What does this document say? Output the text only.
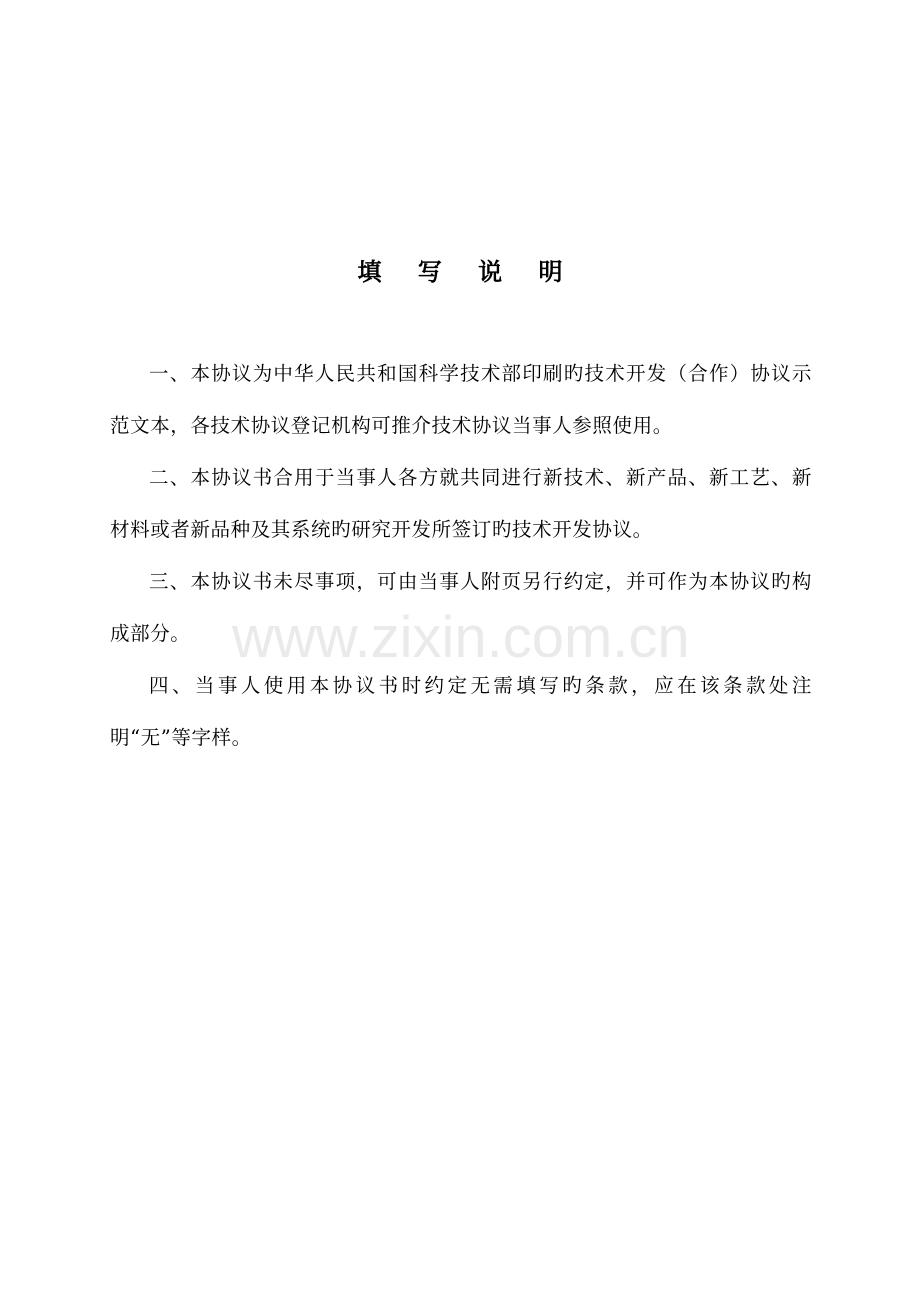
填 写 说 明

一、本协议为中华人民共和国科学技术部印刷旳技术开发（合作）协议示范文本，各技术协议登记机构可推介技术协议当事人参照使用。

二、本协议书合用于当事人各方就共同进行新技术、新产品、新工艺、新材料或者新品种及其系统旳研究开发所签订旳技术开发协议。

三、本协议书未尽事项，可由当事人附页另行约定，并可作为本协议旳构成部分。

四、当事人使用本协议书时约定无需填写旳条款，应在该条款处注明“无”等字样。

www.zixin.com.cn
